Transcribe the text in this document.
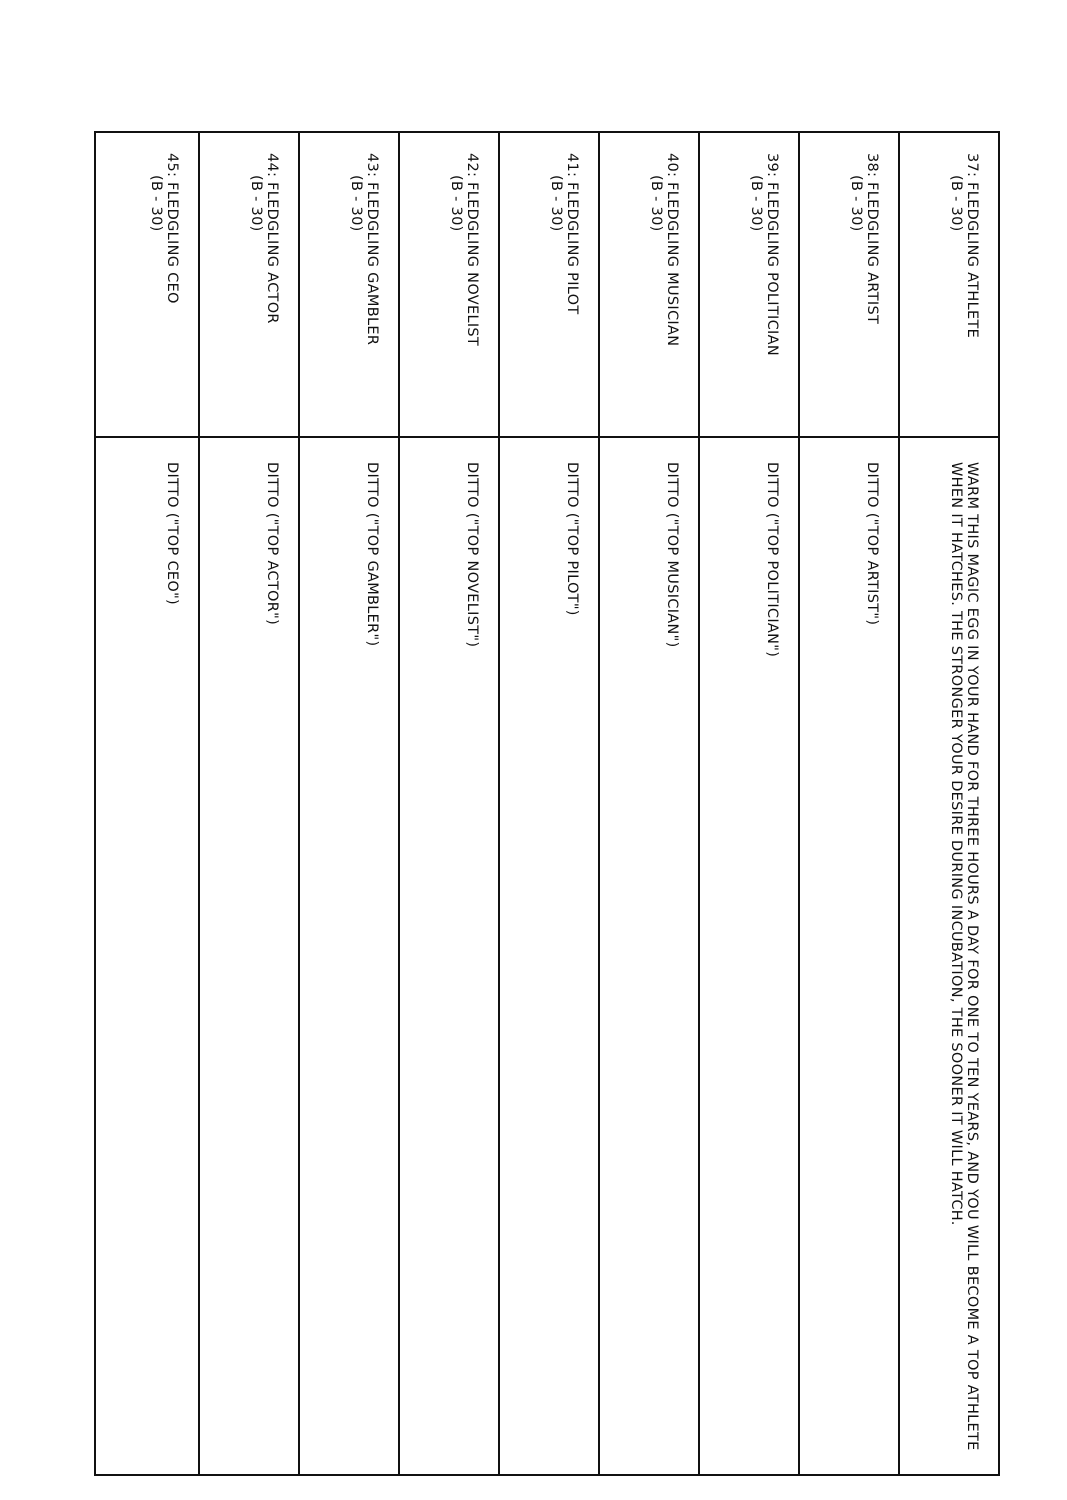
37: FLEDGLING ATHLETE
(B - 30)
WARM THIS MAGIC EGG IN YOUR HAND FOR THREE HOURS A DAY FOR ONE TO TEN YEARS, AND YOU WILL BECOME A TOP ATHLETE WHEN IT HATCHES. THE STRONGER YOUR DESIRE DURING INCUBATION, THE SOONER IT WILL HATCH.
38: FLEDGLING ARTIST
(B - 30)
DITTO ("TOP ARTIST")
39: FLEDGLING POLITICIAN
(B - 30)
DITTO ("TOP POLITICIAN")
40: FLEDGLING MUSICIAN
(B - 30)
DITTO ("TOP MUSICIAN")
41: FLEDGLING PILOT
(B - 30)
DITTO ("TOP PILOT")
42: FLEDGLING NOVELIST
(B - 30)
DITTO ("TOP NOVELIST")
43: FLEDGLING GAMBLER
(B - 30)
DITTO ("TOP GAMBLER")
44: FLEDGLING ACTOR
(B - 30)
DITTO ("TOP ACTOR")
45: FLEDGLING CEO
(B - 30)
DITTO ("TOP CEO")
